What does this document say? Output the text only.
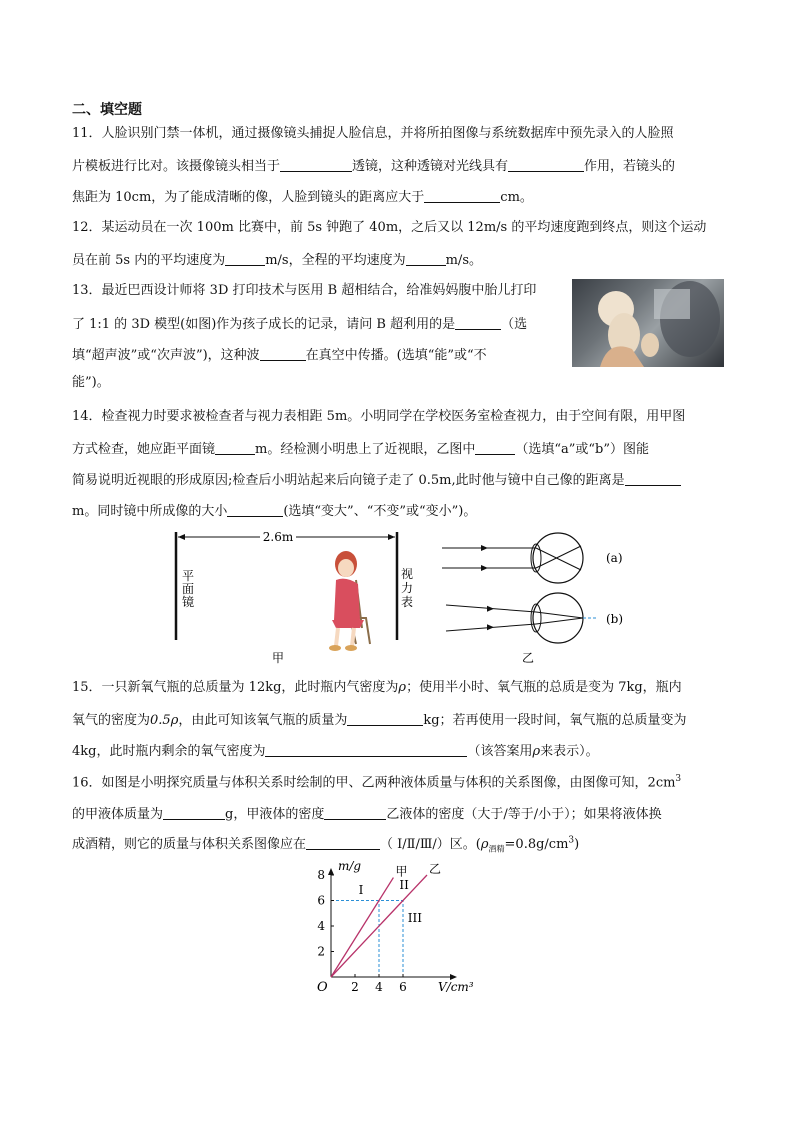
二、填空题
11．人脸识别门禁一体机，通过摄像镜头捕捉人脸信息，并将所拍图像与系统数据库中预先录入的人脸照
片模板进行比对。该摄像镜头相当于	透镜，这种透镜对光线具有	作用，若镜头的
焦距为 10cm，为了能成清晰的像，人脸到镜头的距离应大于	cm。
12．某运动员在一次 100m 比赛中，前 5s 钟跑了 40m，之后又以 12m/s 的平均速度跑到终点，则这个运动
员在前 5s 内的平均速度为	m/s，全程的平均速度为	m/s。
13．最近巴西设计师将 3D 打印技术与医用 B 超相结合，给准妈妈腹中胎儿打印
了 1:1 的 3D 模型(如图)作为孩子成长的记录，请问 B 超利用的是	（选
填“超声波”或“次声波”)，这种波	在真空中传播。(选填“能”或“不
能”)。
14．检查视力时要求被检查者与视力表相距 5m。小明同学在学校医务室检查视力，由于空间有限，用甲图
方式检查，她应距平面镜	m。经检测小明患上了近视眼，乙图中	（选填“a”或“b”）图能
简易说明近视眼的形成原因;检查后小明站起来后向镜子走了 0.5m,此时他与镜中自己像的距离是
m。同时镜中所成像的大小	(选填“变大”、“不变”或“变小”)。
2.6m
平
面
镜
视
力
表
甲
(a)
(b)
乙
15．一只新氧气瓶的总质量为 12kg，此时瓶内气密度为ρ；使用半小时、氧气瓶的总质是变为 7kg，瓶内
氧气的密度为0.5ρ，由此可知该氧气瓶的质量为	kg；若再使用一段时间，氧气瓶的总质量变为
4kg，此时瓶内剩余的氧气密度为	（该答案用ρ来表示）。
16．如图是小明探究质量与体积关系时绘制的甲、乙两种液体质量与体积的关系图像，由图像可知，$2cm^3$
的甲液体质量为	g，甲液体的密度	乙液体的密度（大于/等于/小于）；如果将液体换
成酒精，则它的质量与体积关系图像应在	（ Ⅰ/Ⅱ/Ⅲ/）区。$(\rho_{酒精}=0.8g/cm^3)$
2 4 6
2
4
6
8
I	II
III
甲 乙
m/g
V/cm³
O
